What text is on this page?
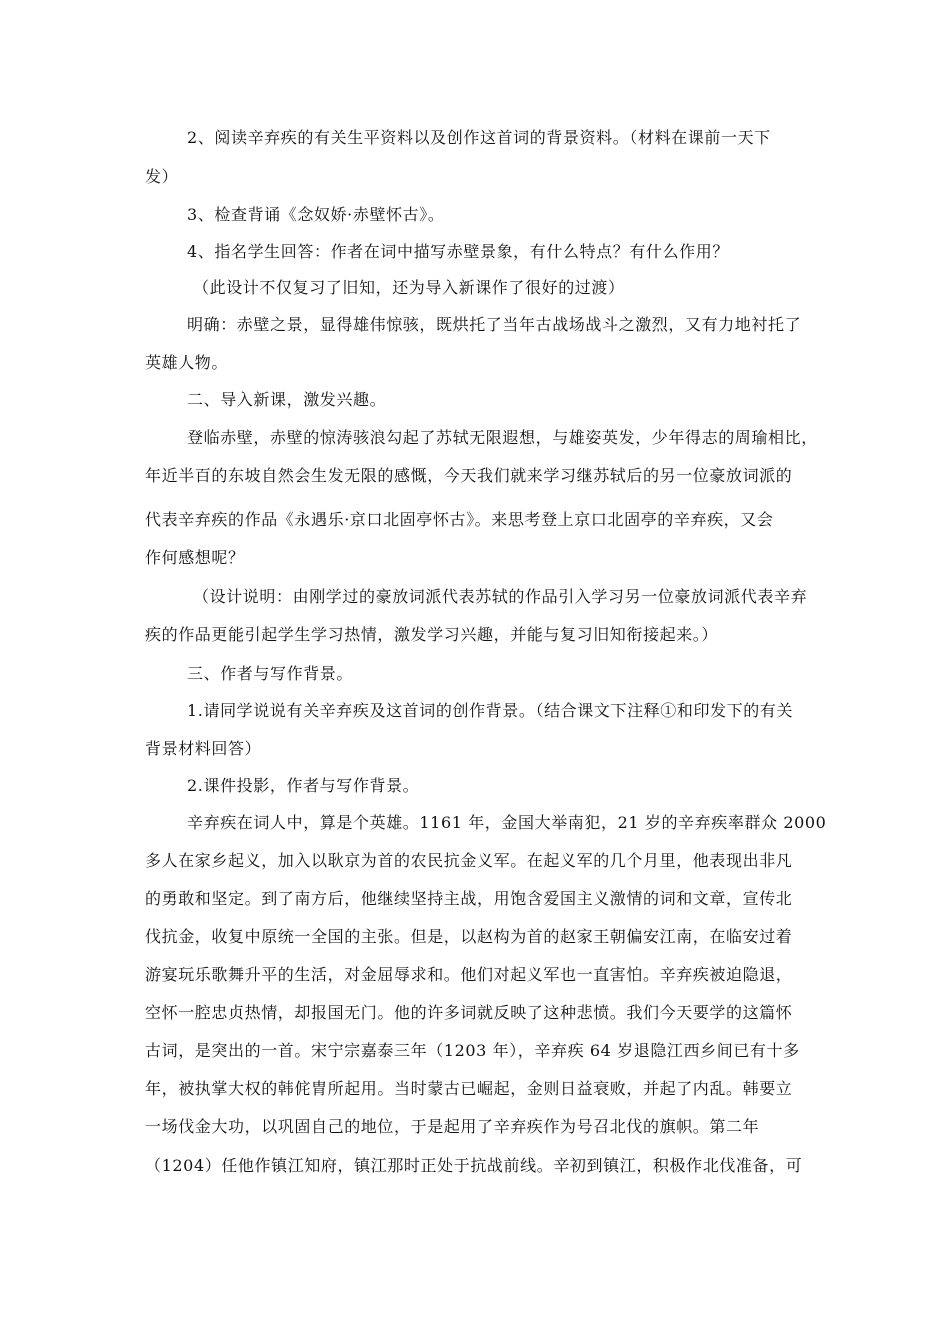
2、阅读辛弃疾的有关生平资料以及创作这首词的背景资料。（材料在课前一天下
发）
3、检查背诵《念奴娇·赤壁怀古》。
4、指名学生回答：作者在词中描写赤壁景象，有什么特点？有什么作用？
（此设计不仅复习了旧知，还为导入新课作了很好的过渡）
明确：赤壁之景，显得雄伟惊骇，既烘托了当年古战场战斗之激烈，又有力地衬托了
英雄人物。
二、导入新课，激发兴趣。
登临赤壁，赤壁的惊涛骇浪勾起了苏轼无限遐想，与雄姿英发，少年得志的周瑜相比，
年近半百的东坡自然会生发无限的感慨，今天我们就来学习继苏轼后的另一位豪放词派的
代表辛弃疾的作品《永遇乐·京口北固亭怀古》。来思考登上京口北固亭的辛弃疾，又会
作何感想呢？
（设计说明：由刚学过的豪放词派代表苏轼的作品引入学习另一位豪放词派代表辛弃
疾的作品更能引起学生学习热情，激发学习兴趣，并能与复习旧知衔接起来。）
三、作者与写作背景。
1.请同学说说有关辛弃疾及这首词的创作背景。（结合课文下注释①和印发下的有关
背景材料回答）
2.课件投影，作者与写作背景。
辛弃疾在词人中，算是个英雄。1161 年，金国大举南犯，21 岁的辛弃疾率群众 2000
多人在家乡起义，加入以耿京为首的农民抗金义军。在起义军的几个月里，他表现出非凡
的勇敢和坚定。到了南方后，他继续坚持主战，用饱含爱国主义激情的词和文章，宣传北
伐抗金，收复中原统一全国的主张。但是，以赵构为首的赵家王朝偏安江南，在临安过着
游宴玩乐歌舞升平的生活，对金屈辱求和。他们对起义军也一直害怕。辛弃疾被迫隐退，
空怀一腔忠贞热情，却报国无门。他的许多词就反映了这种悲愤。我们今天要学的这篇怀
古词，是突出的一首。宋宁宗嘉泰三年（1203 年），辛弃疾 64 岁退隐江西乡间已有十多
年，被执掌大权的韩侂胄所起用。当时蒙古已崛起，金则日益衰败，并起了内乱。韩要立
一场伐金大功，以巩固自己的地位，于是起用了辛弃疾作为号召北伐的旗帜。第二年
（1204）任他作镇江知府，镇江那时正处于抗战前线。辛初到镇江，积极作北伐准备，可
